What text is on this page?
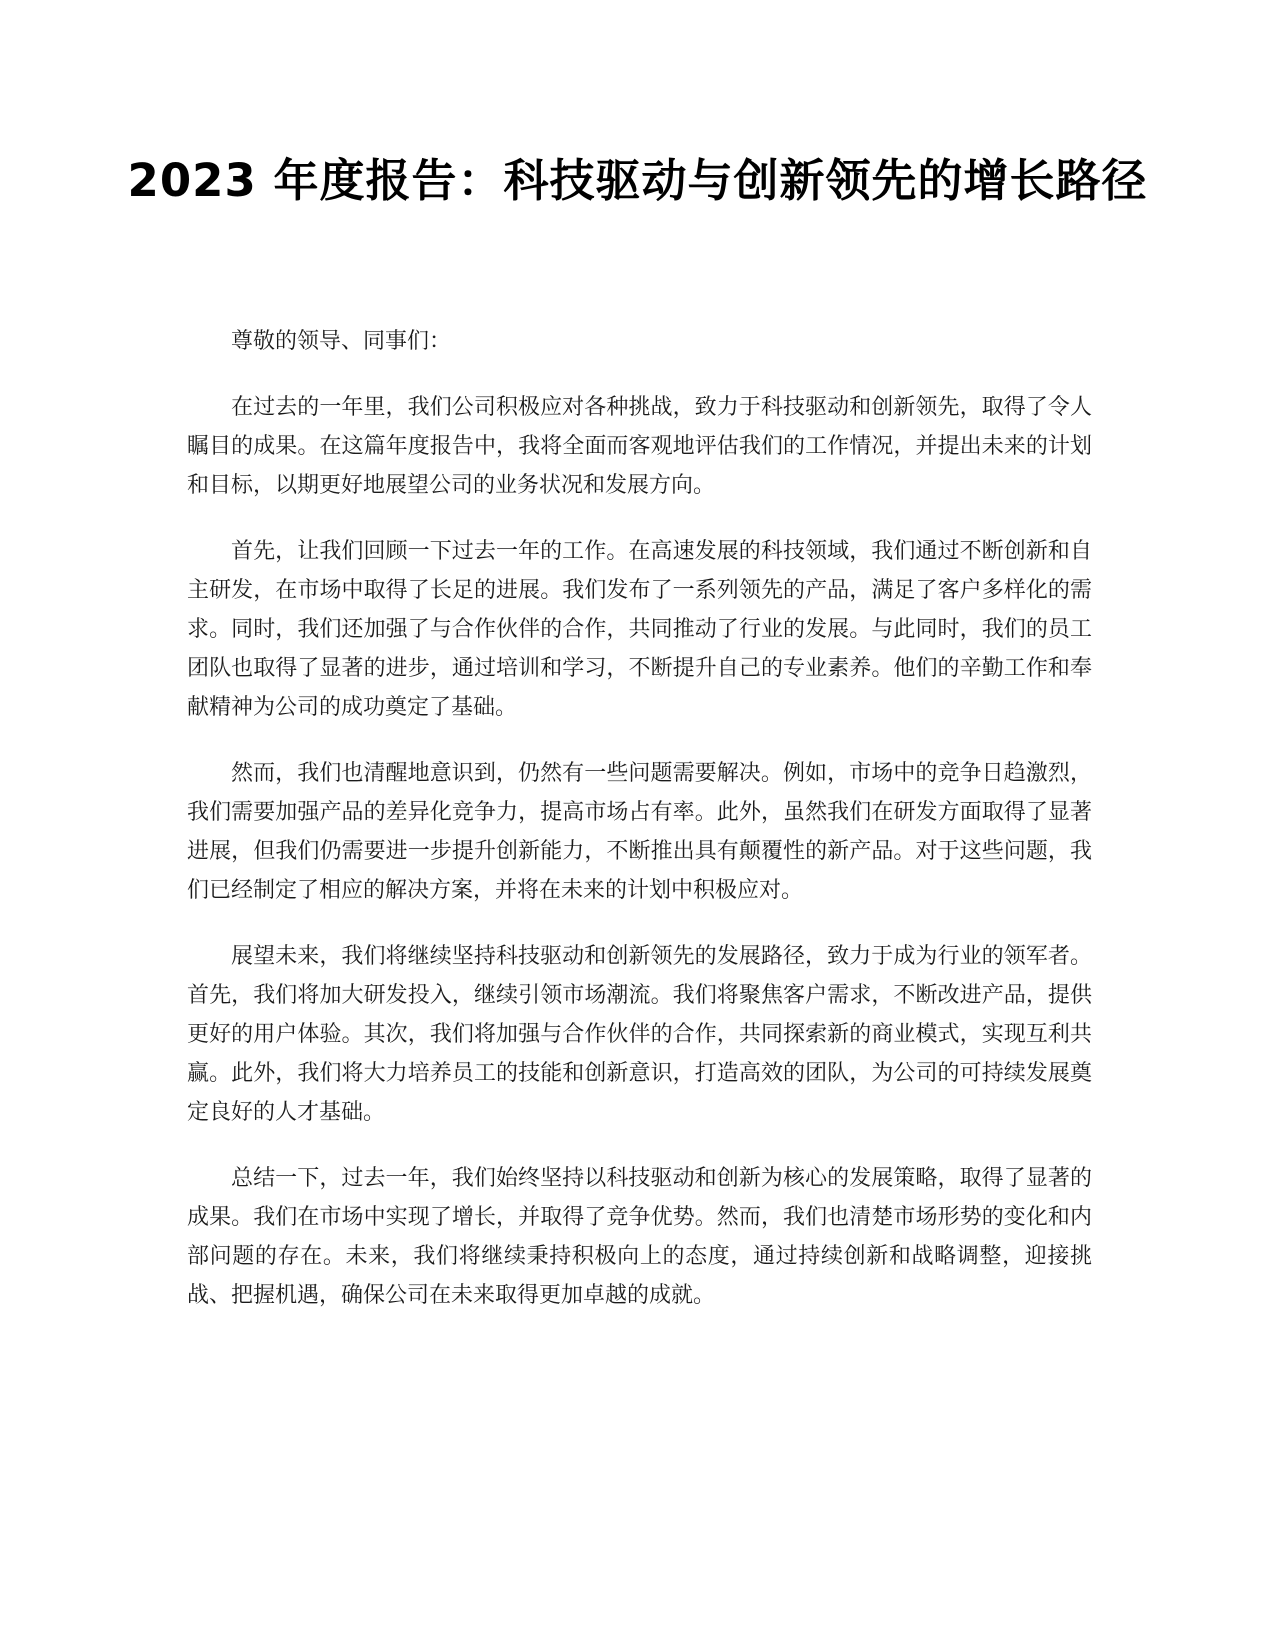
2023 年度报告：科技驱动与创新领先的增长路径

尊敬的领导、同事们：

在过去的一年里，我们公司积极应对各种挑战，致力于科技驱动和创新领先，取得了令人瞩目的成果。在这篇年度报告中，我将全面而客观地评估我们的工作情况，并提出未来的计划和目标，以期更好地展望公司的业务状况和发展方向。

首先，让我们回顾一下过去一年的工作。在高速发展的科技领域，我们通过不断创新和自主研发，在市场中取得了长足的进展。我们发布了一系列领先的产品，满足了客户多样化的需求。同时，我们还加强了与合作伙伴的合作，共同推动了行业的发展。与此同时，我们的员工团队也取得了显著的进步，通过培训和学习，不断提升自己的专业素养。他们的辛勤工作和奉献精神为公司的成功奠定了基础。

然而，我们也清醒地意识到，仍然有一些问题需要解决。例如，市场中的竞争日趋激烈，我们需要加强产品的差异化竞争力，提高市场占有率。此外，虽然我们在研发方面取得了显著进展，但我们仍需要进一步提升创新能力，不断推出具有颠覆性的新产品。对于这些问题，我们已经制定了相应的解决方案，并将在未来的计划中积极应对。

展望未来，我们将继续坚持科技驱动和创新领先的发展路径，致力于成为行业的领军者。首先，我们将加大研发投入，继续引领市场潮流。我们将聚焦客户需求，不断改进产品，提供更好的用户体验。其次，我们将加强与合作伙伴的合作，共同探索新的商业模式，实现互利共赢。此外，我们将大力培养员工的技能和创新意识，打造高效的团队，为公司的可持续发展奠定良好的人才基础。

总结一下，过去一年，我们始终坚持以科技驱动和创新为核心的发展策略，取得了显著的成果。我们在市场中实现了增长，并取得了竞争优势。然而，我们也清楚市场形势的变化和内部问题的存在。未来，我们将继续秉持积极向上的态度，通过持续创新和战略调整，迎接挑战、把握机遇，确保公司在未来取得更加卓越的成就。
